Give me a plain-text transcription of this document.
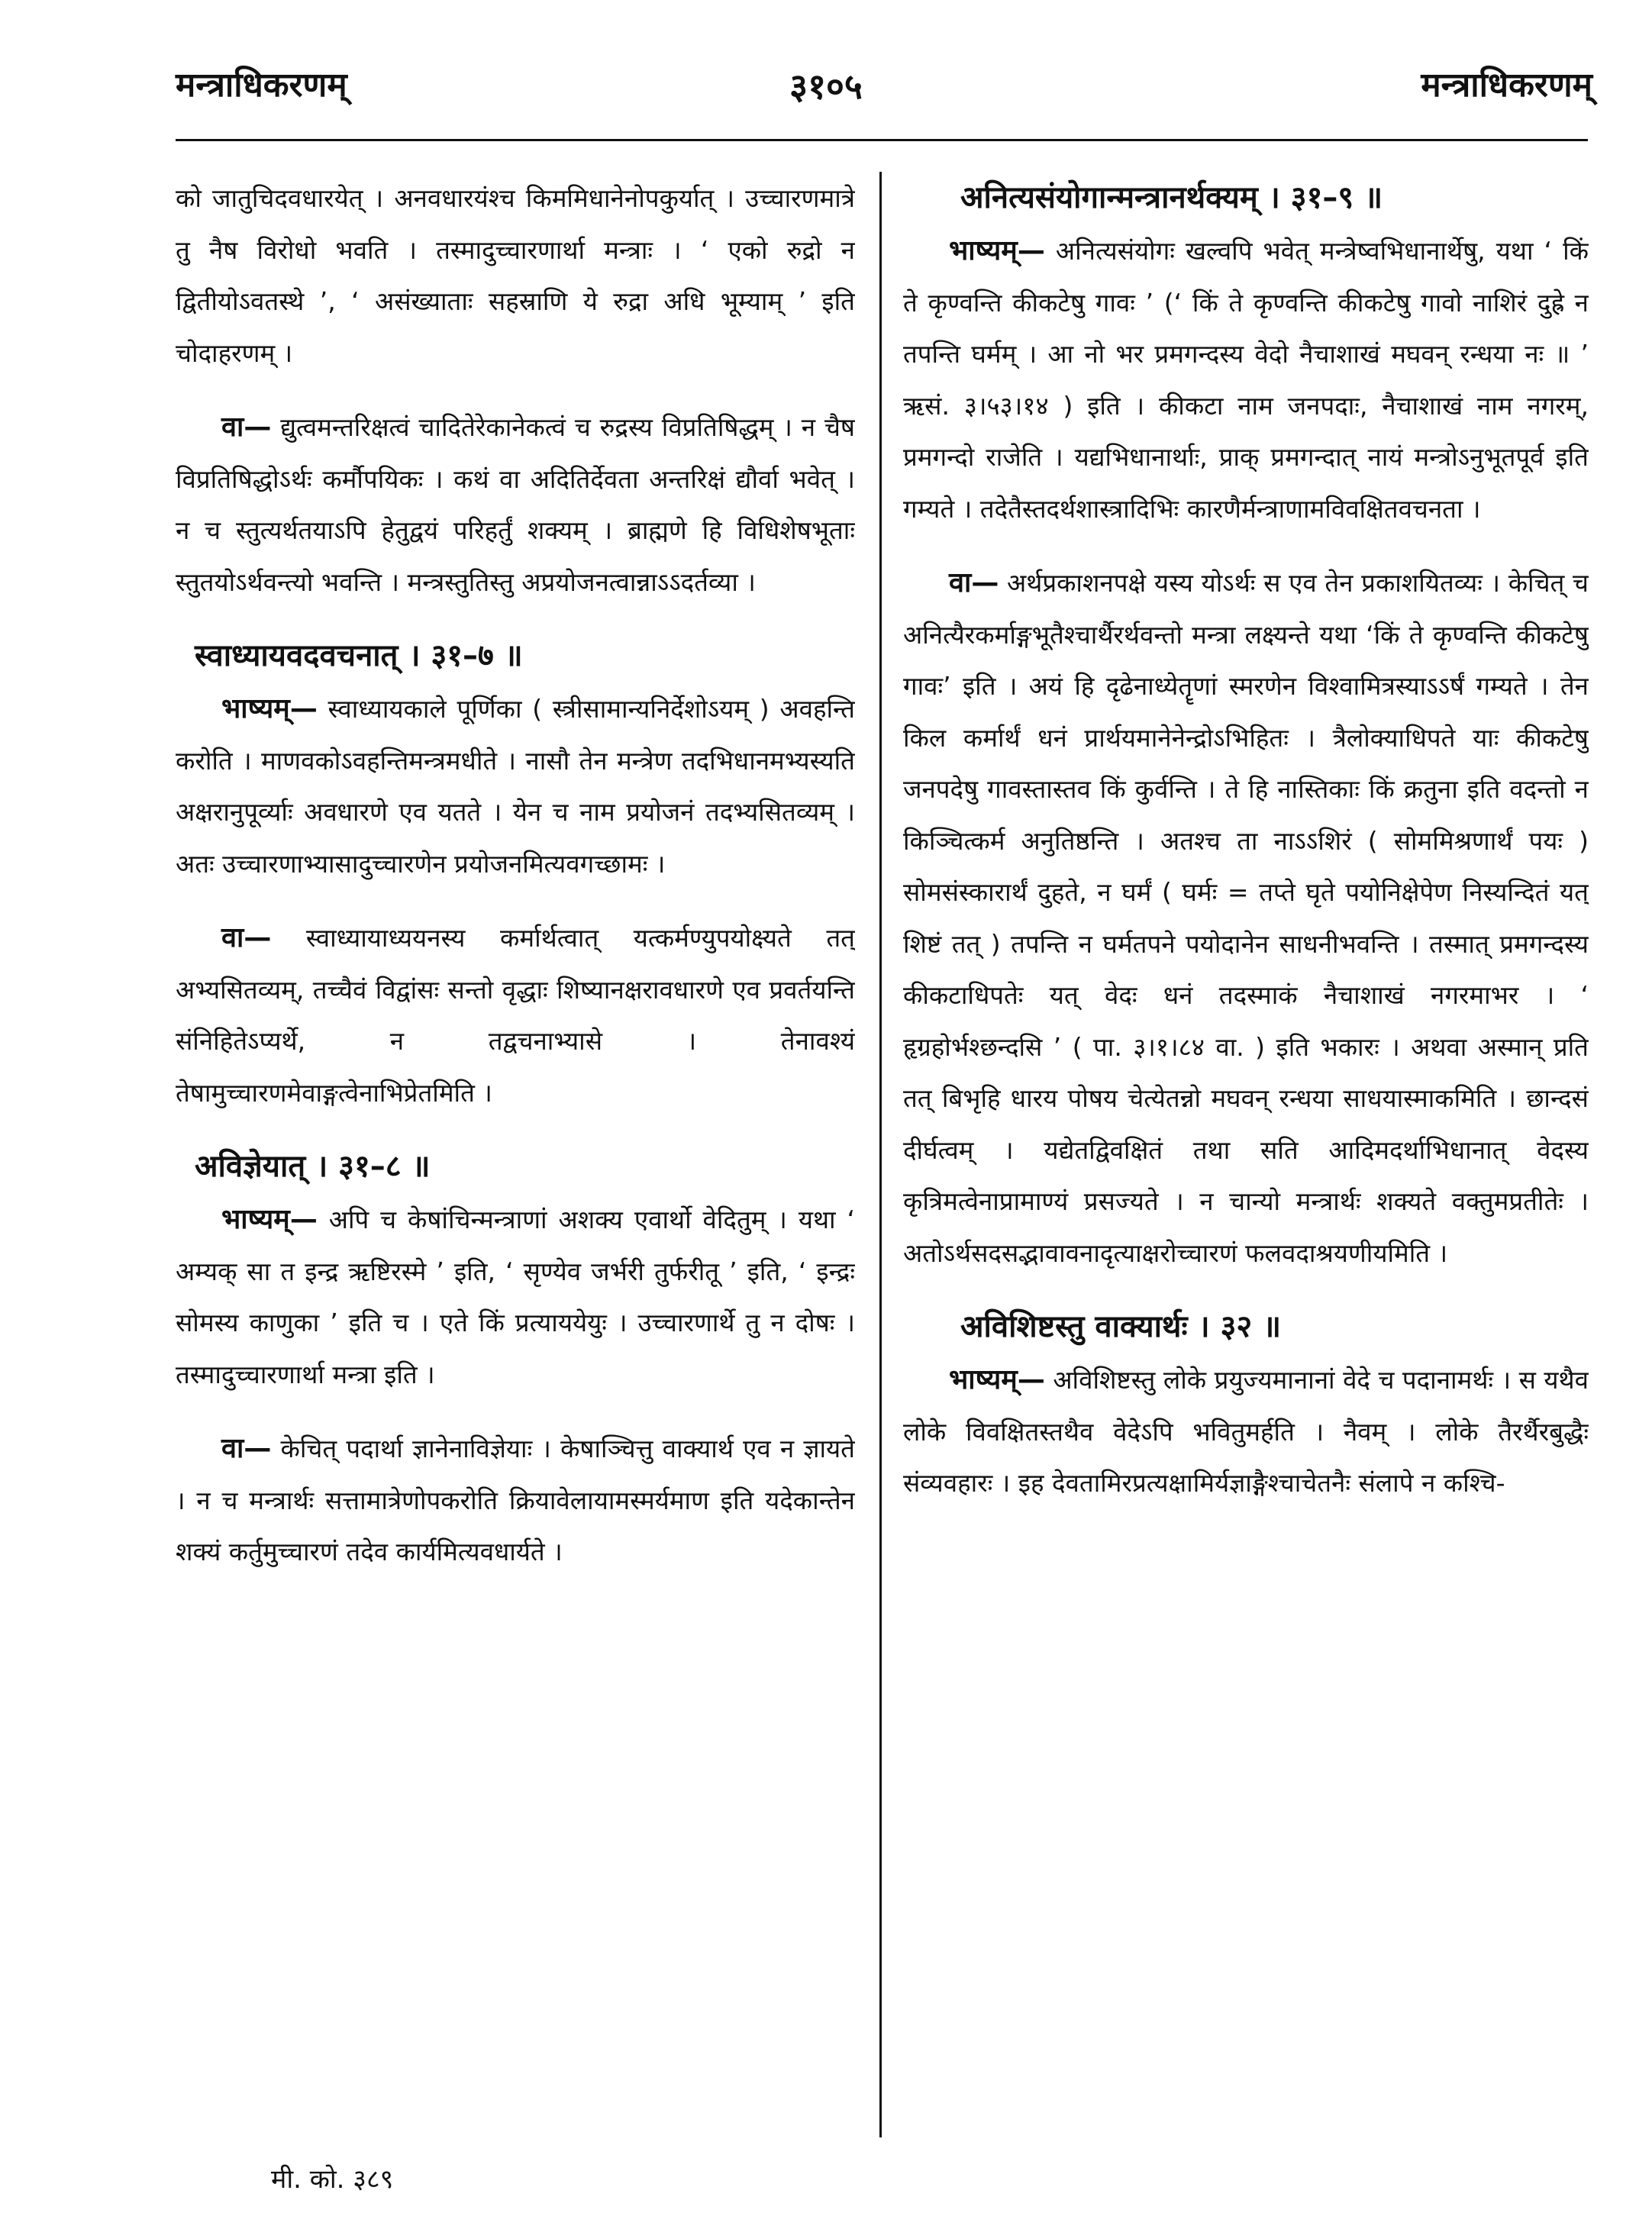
मन्त्राधिकरणम्	३१०५	मन्त्राधिकरणम्

को जातुचिदवधारयेत् । अनवधारयंश्च किममिधानेनोपकुर्यात् । उच्चारणमात्रे तु नैष विरोधो भवति । तस्मादुच्चारणार्था मन्त्राः । ‘ एको रुद्रो न द्वितीयोऽवतस्थे ’, ‘ असंख्याताः सहस्राणि ये रुद्रा अधि भूम्याम् ’ इति चोदाहरणम् ।

वा— द्युत्वमन्तरिक्षत्वं चादितेरेकानेकत्वं च रुद्रस्य विप्रतिषिद्धम् । न चैष विप्रतिषिद्धोऽर्थः कर्मौपयिकः । कथं वा अदितिर्देवता अन्तरिक्षं द्यौर्वा भवेत् । न च स्तुत्यर्थतयाऽपि हेतुद्वयं परिहर्तुं शक्यम् । ब्राह्मणे हि विधिशेषभूताः स्तुतयोऽर्थवन्त्यो भवन्ति । मन्त्रस्तुतिस्तु अप्रयोजनत्वान्नाऽऽदर्तव्या ।

स्वाध्यायवदवचनात् । ३१–७ ॥

भाष्यम्— स्वाध्यायकाले पूर्णिका ( स्त्रीसामान्यनिर्देशोऽयम् ) अवहन्ति करोति । माणवकोऽवहन्तिमन्त्रमधीते । नासौ तेन मन्त्रेण तदभिधानमभ्यस्यति अक्षरानुपूर्व्याः अवधारणे एव यतते । येन च नाम प्रयोजनं तदभ्यसितव्यम् । अतः उच्चारणाभ्यासादुच्चारणेन प्रयोजनमित्यवगच्छामः ।

वा— स्वाध्यायाध्ययनस्य कर्मार्थत्वात् यत्कर्मण्युपयोक्ष्यते तत् अभ्यसितव्यम्, तच्चैवं विद्वांसः सन्तो वृद्धाः शिष्यानक्षरावधारणे एव प्रवर्तयन्ति संनिहितेऽप्यर्थे, न तद्वचनाभ्यासे । तेनावश्यं तेषामुच्चारणमेवाङ्गत्वेनाभिप्रेतमिति ।

अविज्ञेयात् । ३१–८ ॥

भाष्यम्— अपि च केषांचिन्मन्त्राणां अशक्य एवार्थो वेदितुम् । यथा ‘ अम्यक् सा त इन्द्र ऋष्टिरस्मे ’ इति, ‘ सृण्येव जर्भरी तुर्फरीतू ’ इति, ‘ इन्द्रः सोमस्य काणुका ’ इति च । एते किं प्रत्याययेयुः । उच्चारणार्थे तु न दोषः । तस्मादुच्चारणार्था मन्त्रा इति ।

वा— केचित् पदार्था ज्ञानेनाविज्ञेयाः । केषाञ्चित्तु वाक्यार्थ एव न ज्ञायते । न च मन्त्रार्थः सत्तामात्रेणोपकरोति क्रियावेलायामस्मर्यमाण इति यदेकान्तेन शक्यं कर्तुमुच्चारणं तदेव कार्यमित्यवधार्यते ।

अनित्यसंयोगान्मन्त्रानर्थक्यम् । ३१–९ ॥

भाष्यम्— अनित्यसंयोगः खल्वपि भवेत् मन्त्रेष्वभिधानार्थेषु, यथा ‘ किं ते कृण्वन्ति कीकटेषु गावः ’ (‘ किं ते कृण्वन्ति कीकटेषु गावो नाशिरं दुह्रे न तपन्ति घर्मम् । आ नो भर प्रमगन्दस्य वेदो नैचाशाखं मघवन् रन्धया नः ॥ ’ ऋसं. ३।५३।१४ ) इति । कीकटा नाम जनपदाः, नैचाशाखं नाम नगरम्, प्रमगन्दो राजेति । यद्यभिधानार्थाः, प्राक् प्रमगन्दात् नायं मन्त्रोऽनुभूतपूर्व इति गम्यते । तदेतैस्तदर्थशास्त्रादिभिः कारणैर्मन्त्राणामविवक्षितवचनता ।

वा— अर्थप्रकाशनपक्षे यस्य योऽर्थः स एव तेन प्रकाशयितव्यः । केचित् च अनित्यैरकर्माङ्गभूतैश्चार्थैरर्थवन्तो मन्त्रा लक्ष्यन्ते यथा ‘किं ते कृण्वन्ति कीकटेषु गावः’ इति । अयं हि दृढेनाध्येतॄणां स्मरणेन विश्वामित्रस्याऽऽर्षं गम्यते । तेन किल कर्मार्थं धनं प्रार्थयमानेनेन्द्रोऽभिहितः । त्रैलोक्याधिपते याः कीकटेषु जनपदेषु गावस्तास्तव किं कुर्वन्ति । ते हि नास्तिकाः किं क्रतुना इति वदन्तो न किञ्चित्कर्म अनुतिष्ठन्ति । अतश्च ता नाऽऽशिरं ( सोममिश्रणार्थं पयः ) सोमसंस्कारार्थं दुहते, न घर्मं ( घर्मः = तप्ते घृते पयोनिक्षेपेण निस्यन्दितं यत् शिष्टं तत् ) तपन्ति न घर्मतपने पयोदानेन साधनीभवन्ति । तस्मात् प्रमगन्दस्य कीकटाधिपतेः यत् वेदः धनं तदस्माकं नैचाशाखं नगरमाभर । ‘ हृग्रहोर्भश्छन्दसि ’ ( पा. ३।१।८४ वा. ) इति भकारः । अथवा अस्मान् प्रति तत् बिभृहि धारय पोषय चेत्येतन्नो मघवन् रन्धया साधयास्माकमिति । छान्दसं दीर्घत्वम् । यद्येतद्विवक्षितं तथा सति आदिमदर्थाभिधानात् वेदस्य कृत्रिमत्वेनाप्रामाण्यं प्रसज्यते । न चान्यो मन्त्रार्थः शक्यते वक्तुमप्रतीतेः । अतोऽर्थसदसद्भावावनादृत्याक्षरोच्चारणं फलवदाश्रयणीयमिति ।

अविशिष्टस्तु वाक्यार्थः । ३२ ॥

भाष्यम्— अविशिष्टस्तु लोके प्रयुज्यमानानां वेदे च पदानामर्थः । स यथैव लोके विवक्षितस्तथैव वेदेऽपि भवितुमर्हति । नैवम् । लोके तैरर्थैरबुद्धैः संव्यवहारः । इह देवतामिरप्रत्यक्षामिर्यज्ञाङ्गैश्चाचेतनैः संलापे न कश्चि-

मी. को. ३८९
